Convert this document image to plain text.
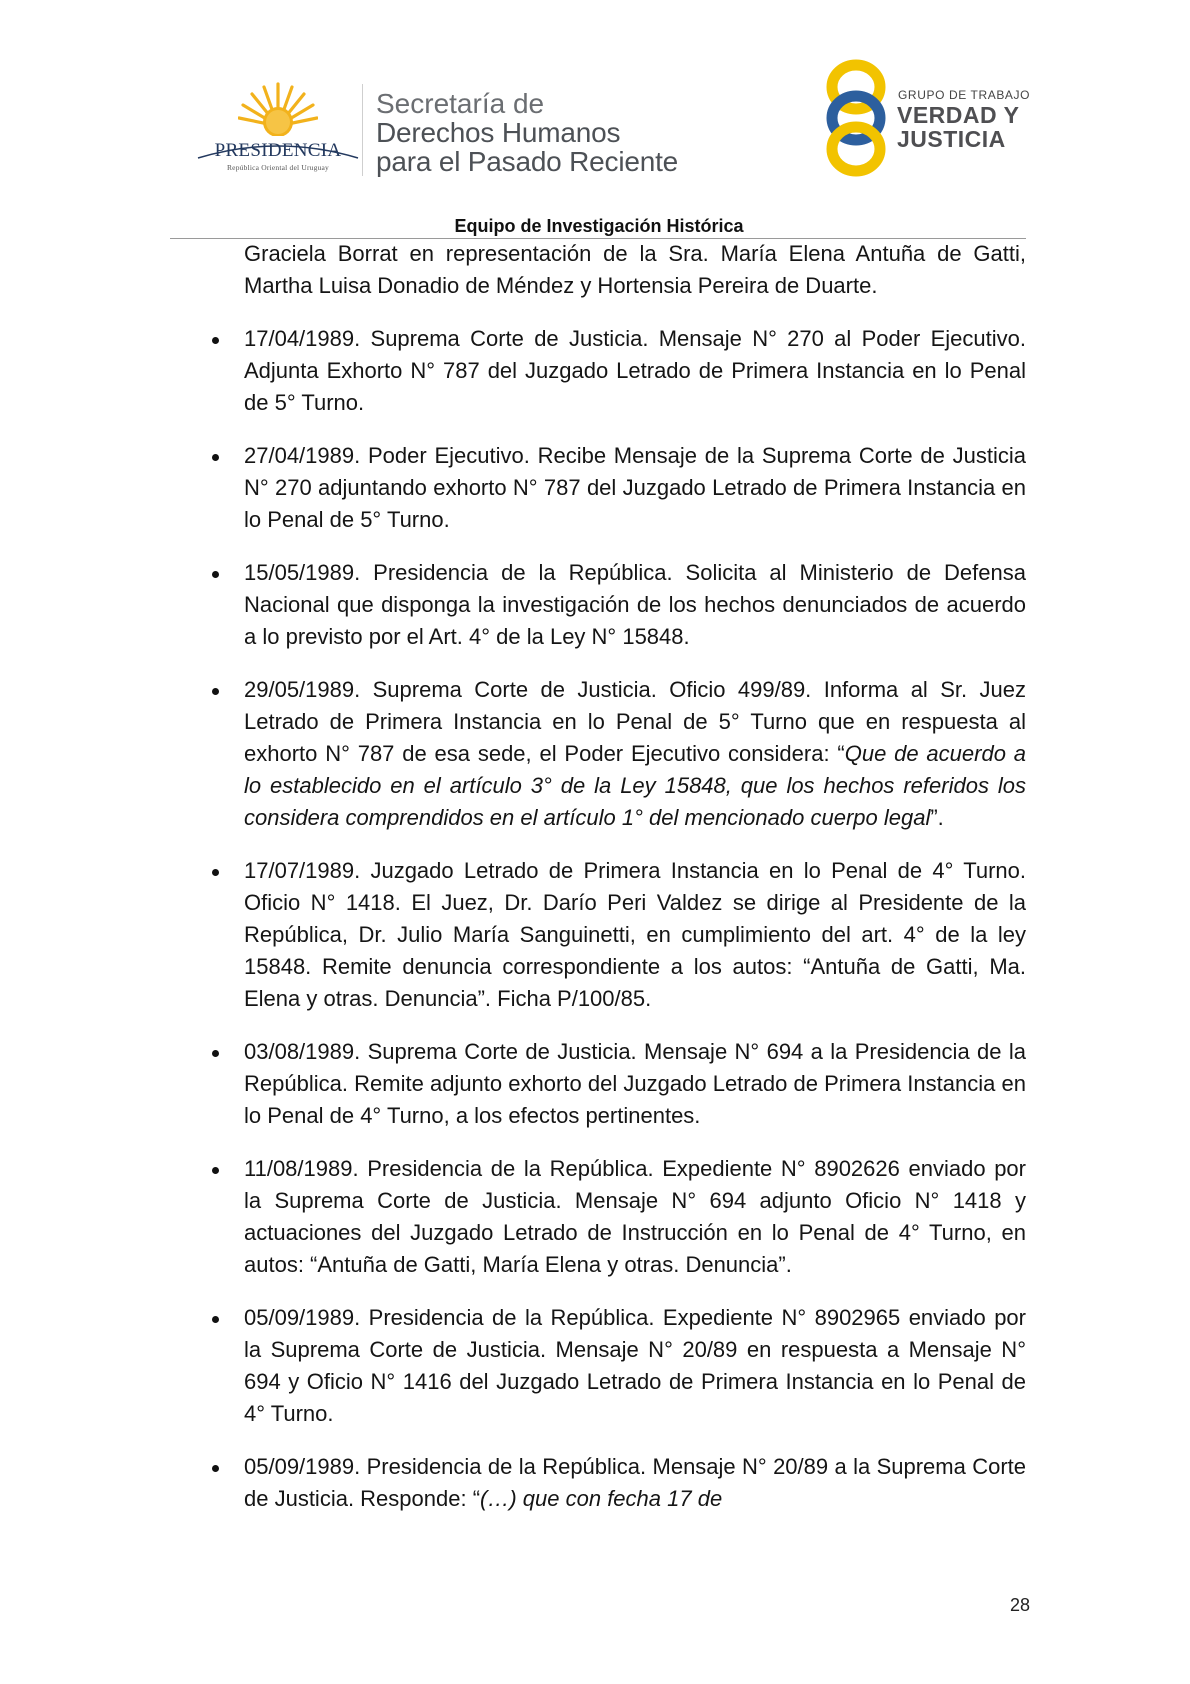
PRESIDENCIA
República Oriental del Uruguay
Secretaría de
Derechos Humanos
para el Pasado Reciente
GRUPO DE TRABAJO
VERDAD Y
JUSTICIA
Equipo de Investigación Histórica

Graciela Borrat en representación de la Sra. María Elena Antuña de Gatti, Martha Luisa Donadio de Méndez y Hortensia Pereira de Duarte.

17/04/1989. Suprema Corte de Justicia. Mensaje N° 270 al Poder Ejecutivo. Adjunta Exhorto N° 787 del Juzgado Letrado de Primera Instancia en lo Penal de 5° Turno.
27/04/1989. Poder Ejecutivo. Recibe Mensaje de la Suprema Corte de Justicia N° 270 adjuntando exhorto N° 787 del Juzgado Letrado de Primera Instancia en lo Penal de 5° Turno.
15/05/1989. Presidencia de la República. Solicita al Ministerio de Defensa Nacional que disponga la investigación de los hechos denunciados de acuerdo a lo previsto por el Art. 4° de la Ley N° 15848.
29/05/1989. Suprema Corte de Justicia. Oficio 499/89. Informa al Sr. Juez Letrado de Primera Instancia en lo Penal de 5° Turno que en respuesta al exhorto N° 787 de esa sede, el Poder Ejecutivo considera: “Que de acuerdo a lo establecido en el artículo 3° de la Ley 15848, que los hechos referidos los considera comprendidos en el artículo 1° del mencionado cuerpo legal”.
17/07/1989. Juzgado Letrado de Primera Instancia en lo Penal de 4° Turno. Oficio N° 1418. El Juez, Dr. Darío Peri Valdez se dirige al Presidente de la República, Dr. Julio María Sanguinetti, en cumplimiento del art. 4° de la ley 15848. Remite denuncia correspondiente a los autos: “Antuña de Gatti, Ma. Elena y otras. Denuncia”. Ficha P/100/85.
03/08/1989. Suprema Corte de Justicia. Mensaje N° 694 a la Presidencia de la República. Remite adjunto exhorto del Juzgado Letrado de Primera Instancia en lo Penal de 4° Turno, a los efectos pertinentes.
11/08/1989. Presidencia de la República. Expediente N° 8902626 enviado por la Suprema Corte de Justicia. Mensaje N° 694 adjunto Oficio N° 1418 y actuaciones del Juzgado Letrado de Instrucción en lo Penal de 4° Turno, en autos: “Antuña de Gatti, María Elena y otras. Denuncia”.
05/09/1989. Presidencia de la República. Expediente N° 8902965 enviado por la Suprema Corte de Justicia. Mensaje N° 20/89 en respuesta a Mensaje N° 694 y Oficio N° 1416 del Juzgado Letrado de Primera Instancia en lo Penal de 4° Turno.
05/09/1989. Presidencia de la República. Mensaje N° 20/89 a la Suprema Corte de Justicia. Responde: “(…) que con fecha 17 de
28
